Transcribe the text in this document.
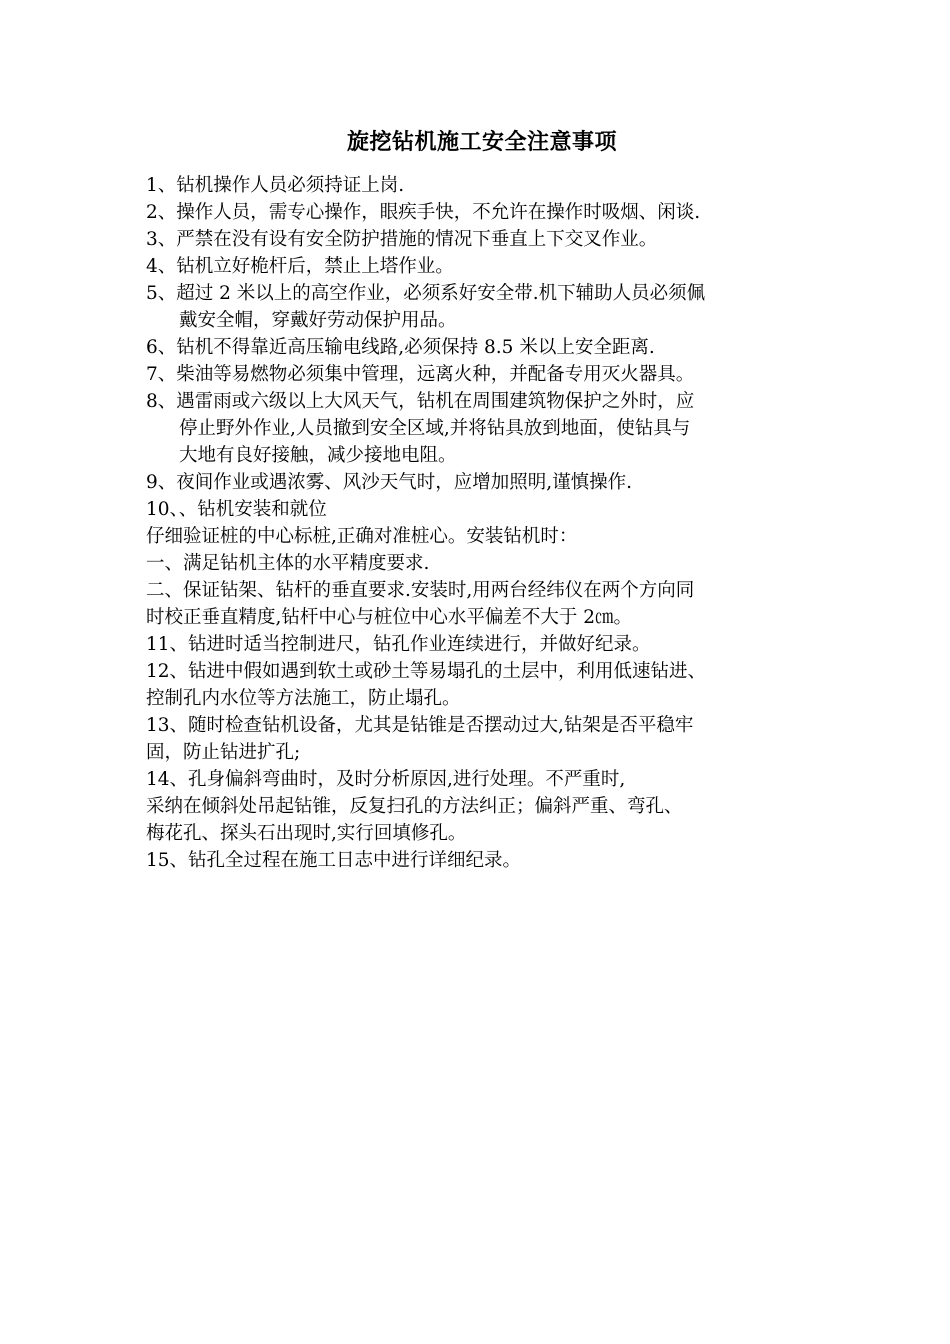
旋挖钻机施工安全注意事项

1、钻机操作人员必须持证上岗.

2、操作人员，需专心操作，眼疾手快，不允许在操作时吸烟、闲谈.

3、严禁在没有设有安全防护措施的情况下垂直上下交叉作业。

4、钻机立好桅杆后，禁止上塔作业。

5、超过 2 米以上的高空作业，必须系好安全带.机下辅助人员必须佩

戴安全帽，穿戴好劳动保护用品。

6、钻机不得靠近高压输电线路,必须保持 8.5 米以上安全距离.

7、柴油等易燃物必须集中管理，远离火种，并配备专用灭火器具。

8、遇雷雨或六级以上大风天气，钻机在周围建筑物保护之外时，应

停止野外作业,人员撤到安全区域,并将钻具放到地面，使钻具与

大地有良好接触，减少接地电阻。

9、夜间作业或遇浓雾、风沙天气时，应增加照明,谨慎操作.

10、、钻机安装和就位

仔细验证桩的中心标桩,正确对准桩心。安装钻机时：

一、满足钻机主体的水平精度要求.

二、保证钻架、钻杆的垂直要求.安装时,用两台经纬仪在两个方向同

时校正垂直精度,钻杆中心与桩位中心水平偏差不大于 2㎝。

11、钻进时适当控制进尺，钻孔作业连续进行，并做好纪录。

12、钻进中假如遇到软土或砂土等易塌孔的土层中，利用低速钻进、

控制孔内水位等方法施工，防止塌孔。

13、随时检查钻机设备，尤其是钻锥是否摆动过大,钻架是否平稳牢

固，防止钻进扩孔;

14、孔身偏斜弯曲时，及时分析原因,进行处理。不严重时,

采纳在倾斜处吊起钻锥，反复扫孔的方法纠正；偏斜严重、弯孔、

梅花孔、探头石出现时,实行回填修孔。

15、钻孔全过程在施工日志中进行详细纪录。
